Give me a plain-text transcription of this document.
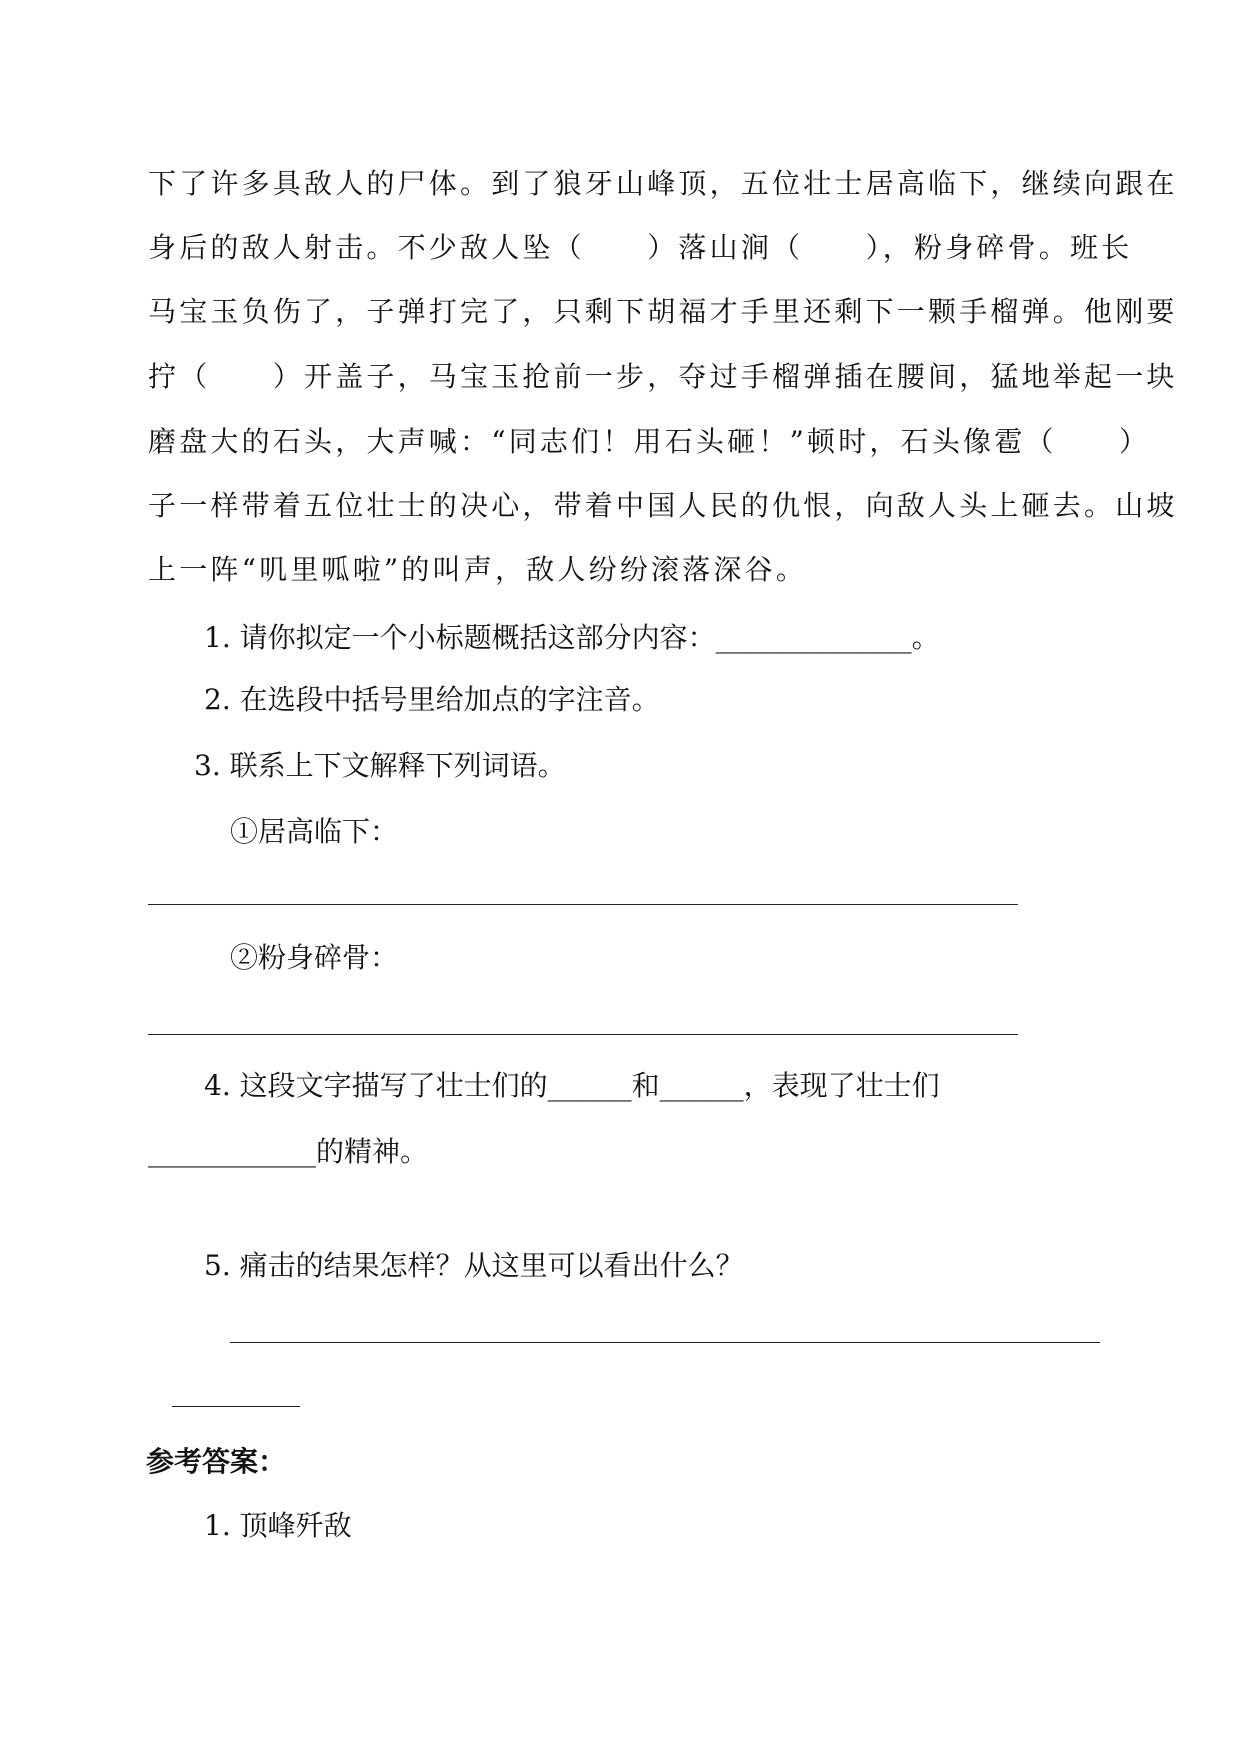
下了许多具敌人的尸体。到了狼牙山峰顶，五位壮士居高临下，继续向跟在
身后的敌人射击。不少敌人坠（　　）落山涧（　　），粉身碎骨。班长
马宝玉负伤了，子弹打完了，只剩下胡福才手里还剩下一颗手榴弹。他刚要
拧（　　）开盖子，马宝玉抢前一步，夺过手榴弹插在腰间，猛地举起一块
磨盘大的石头，大声喊：“同志们！用石头砸！”顿时，石头像雹（　　）
子一样带着五位壮士的决心，带着中国人民的仇恨，向敌人头上砸去。山坡
上一阵“叽里呱啦”的叫声，敌人纷纷滚落深谷。
1. 请你拟定一个小标题概括这部分内容：______________。
2. 在选段中括号里给加点的字注音。
3. 联系上下文解释下列词语。
①居高临下：
②粉身碎骨：
4. 这段文字描写了壮士们的______和______，表现了壮士们
____________的精神。
5. 痛击的结果怎样？从这里可以看出什么？
参考答案：
1. 顶峰歼敌
